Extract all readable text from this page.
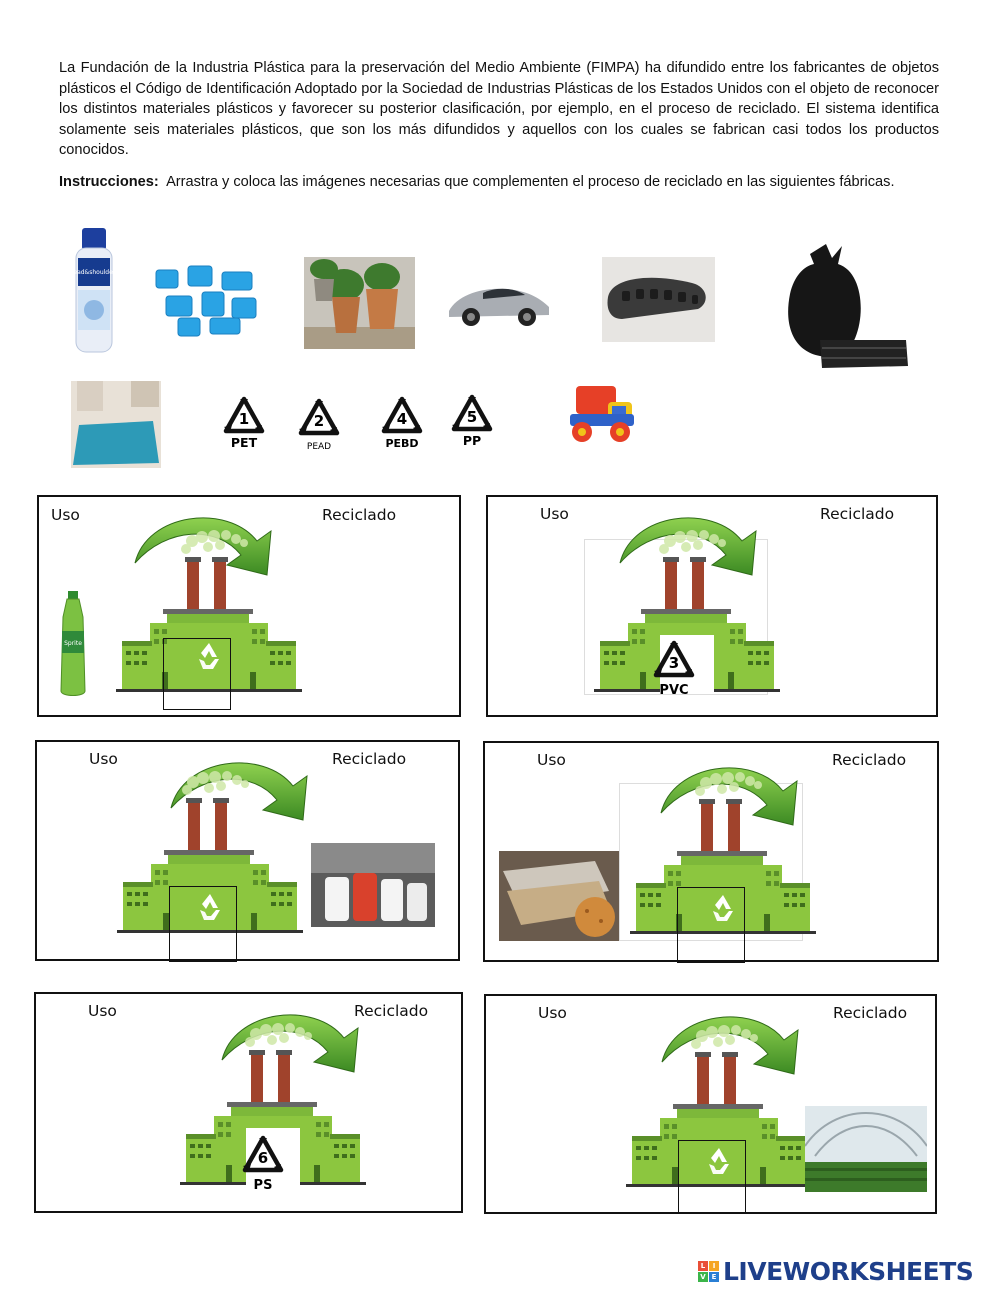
La Fundación de la Industria Plástica para la preservación del Medio Ambiente (FIMPA) ha difundido entre los fabricantes de objetos plásticos el Código de Identificación Adoptado por la Sociedad de Industrias Plásticas de los Estados Unidos con el objeto de reconocer los distintos materiales plásticos y favorecer su posterior clasificación, por ejemplo, en el proceso de reciclado. El sistema identifica solamente seis materiales plásticos, que son los más difundidos y aquellos con los cuales se fabrican casi todos los productos conocidos.

Instrucciones: Arrastra y coloca las imágenes necesarias que complementen el proceso de reciclado en las siguientes fábricas.

head&shoulders
1
PET
2
PEAD
4
PEBD
5
PP
Uso	Reciclado
Sprite
Uso	Reciclado
3
PVC
Uso	Reciclado	Uso	Reciclado
Uso	Reciclado
6
PS
Uso	Reciclado
L	I
V E LIVEWORKSHEETS
